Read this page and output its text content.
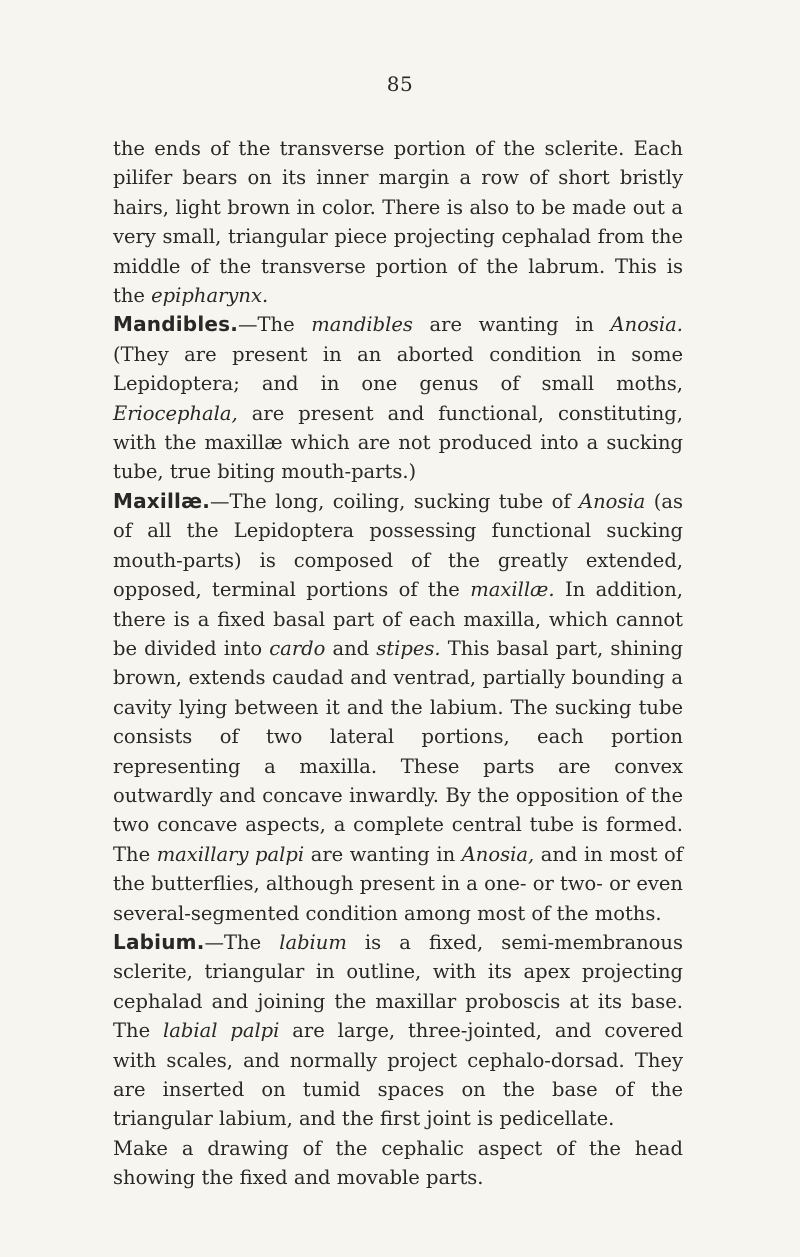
85

the ends of the transverse portion of the sclerite. Each pilifer bears on its inner margin a row of short bristly hairs, light brown in color. There is also to be made out a very small, triangular piece projecting cephalad from the middle of the transverse portion of the labrum. This is the epipharynx.

Mandibles.—The mandibles are wanting in Anosia. (They are present in an aborted condition in some Lepidoptera; and in one genus of small moths, Eriocephala, are present and functional, constituting, with the maxillæ which are not produced into a sucking tube, true biting mouth-parts.)

Maxillæ.—The long, coiling, sucking tube of Anosia (as of all the Lepidoptera possessing functional sucking mouth-parts) is composed of the greatly extended, opposed, terminal portions of the maxillæ. In addition, there is a fixed basal part of each maxilla, which cannot be divided into cardo and stipes. This basal part, shining brown, extends caudad and ventrad, partially bounding a cavity lying between it and the labium. The sucking tube consists of two lateral portions, each portion representing a maxilla. These parts are convex outwardly and concave inwardly. By the opposition of the two concave aspects, a complete central tube is formed. The maxillary palpi are wanting in Anosia, and in most of the butterflies, although present in a one- or two- or even several-segmented condition among most of the moths.

Labium.—The labium is a fixed, semi-membranous sclerite, triangular in outline, with its apex projecting cephalad and joining the maxillar proboscis at its base. The labial palpi are large, three-jointed, and covered with scales, and normally project cephalo-dorsad. They are inserted on tumid spaces on the base of the triangular labium, and the first joint is pedicellate.

Make a drawing of the cephalic aspect of the head showing the fixed and movable parts.
